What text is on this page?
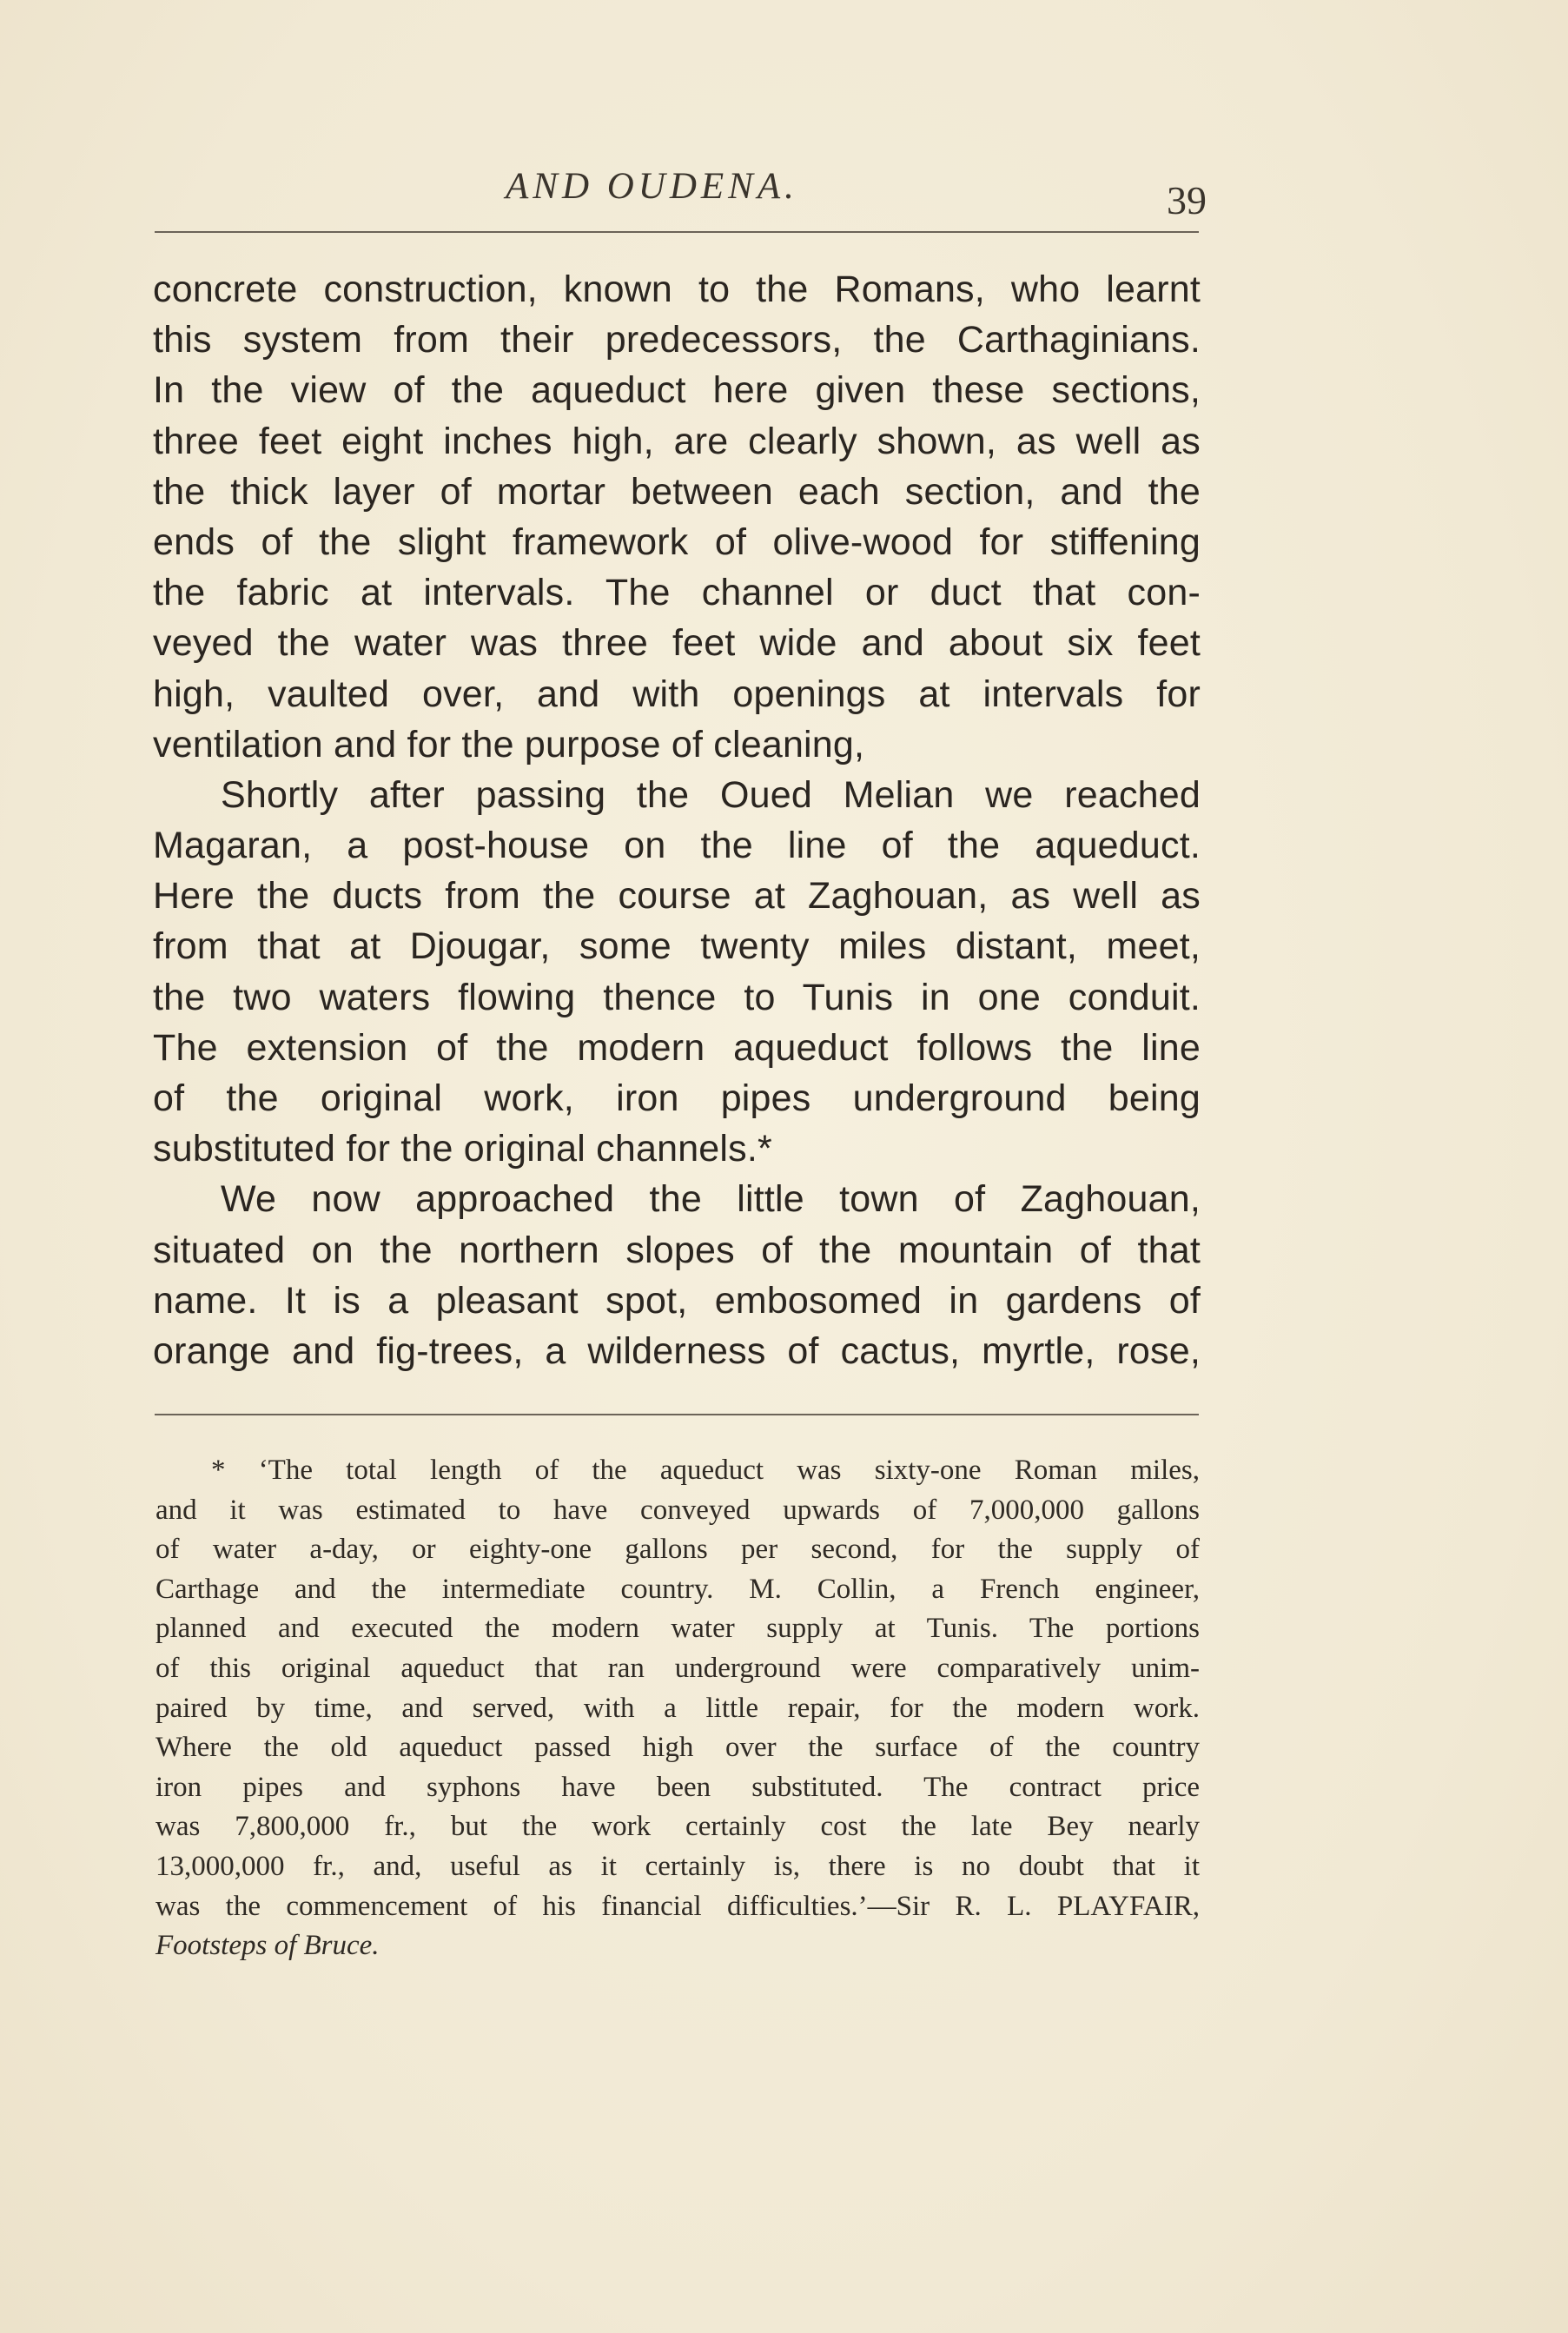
AND OUDENA.	39
concrete construction, known to the Romans, who learnt
this system from their predecessors, the Carthaginians.
In the view of the aqueduct here given these sections,
three feet eight inches high, are clearly shown, as well as
the thick layer of mortar between each section, and the
ends of the slight framework of olive-wood for stiffening
the fabric at intervals. The channel or duct that con-
veyed the water was three feet wide and about six feet
high, vaulted over, and with openings at intervals for
ventilation and for the purpose of cleaning,
Shortly after passing the Oued Melian we reached
Magaran, a post-house on the line of the aqueduct.
Here the ducts from the course at Zaghouan, as well as
from that at Djougar, some twenty miles distant, meet,
the two waters flowing thence to Tunis in one conduit.
The extension of the modern aqueduct follows the line
of the original work, iron pipes underground being
substituted for the original channels.*
We now approached the little town of Zaghouan,
situated on the northern slopes of the mountain of that
name. It is a pleasant spot, embosomed in gardens of
orange and fig-trees, a wilderness of cactus, myrtle, rose,
* ‘The total length of the aqueduct was sixty-one Roman miles,
and it was estimated to have conveyed upwards of 7,000,000 gallons
of water a-day, or eighty-one gallons per second, for the supply of
Carthage and the intermediate country. M. Collin, a French engineer,
planned and executed the modern water supply at Tunis. The portions
of this original aqueduct that ran underground were comparatively unim-
paired by time, and served, with a little repair, for the modern work.
Where the old aqueduct passed high over the surface of the country
iron pipes and syphons have been substituted. The contract price
was 7,800,000 fr., but the work certainly cost the late Bey nearly
13,000,000 fr., and, useful as it certainly is, there is no doubt that it
was the commencement of his financial difficulties.’—Sir R. L. PLAYFAIR,
Footsteps of Bruce.
